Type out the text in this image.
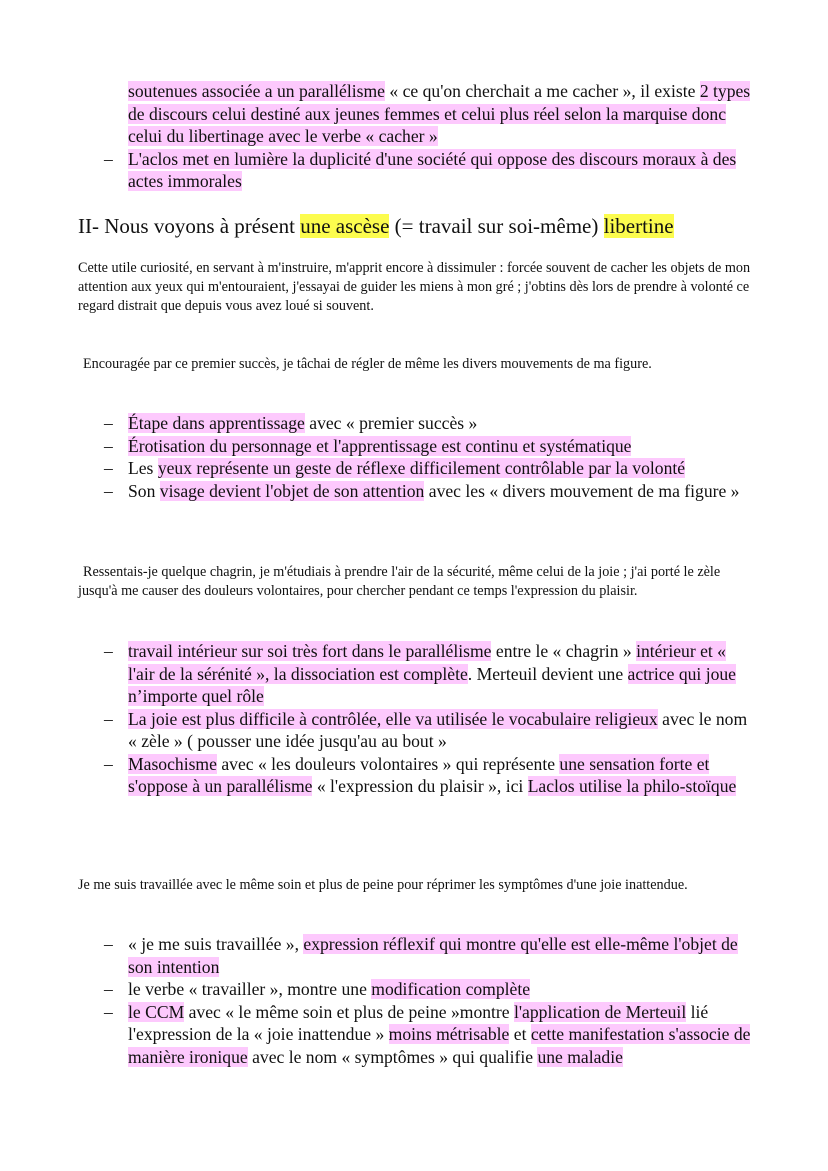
soutenues associée a un parallélisme « ce qu'on cherchait a me cacher », il existe 2 types de discours celui destiné aux jeunes femmes et celui plus réel selon la marquise donc celui du libertinage avec le verbe « cacher »
– L'aclos met en lumière la duplicité d'une société qui oppose des discours moraux à des actes immorales
II- Nous voyons à présent une ascèse (= travail sur soi-même) libertine

Cette utile curiosité, en servant à m'instruire, m'apprit encore à dissimuler : forcée souvent de cacher les objets de mon attention aux yeux qui m'entouraient, j'essayai de guider les miens à mon gré ; j'obtins dès lors de prendre à volonté ce regard distrait que depuis vous avez loué si souvent.

Encouragée par ce premier succès, je tâchai de régler de même les divers mouvements de ma figure.

– Étape dans apprentissage avec « premier succès »
– Érotisation du personnage et l'apprentissage est continu et systématique
– Les yeux représente un geste de réflexe difficilement contrôlable par la volonté
– Son visage devient l'objet de son attention avec les « divers mouvement de ma figure »

Ressentais-je quelque chagrin, je m'étudiais à prendre l'air de la sécurité, même celui de la joie ; j'ai porté le zèle jusqu'à me causer des douleurs volontaires, pour chercher pendant ce temps l'expression du plaisir.

– travail intérieur sur soi très fort dans le parallélisme entre le « chagrin » intérieur et « l'air de la sérénité », la dissociation est complète. Merteuil devient une actrice qui joue n’importe quel rôle
– La joie est plus difficile à contrôlée, elle va utilisée le vocabulaire religieux avec le nom « zèle » ( pousser une idée jusqu'au au bout »
– Masochisme avec « les douleurs volontaires » qui représente une sensation forte et s'oppose à un parallélisme « l'expression du plaisir », ici Laclos utilise la philo-stoïque

Je me suis travaillée avec le même soin et plus de peine pour réprimer les symptômes d'une joie inattendue.

– « je me suis travaillée », expression réflexif qui montre qu'elle est elle-même l'objet de son intention
– le verbe « travailler », montre une modification complète
– le CCM avec « le même soin et plus de peine »montre l'application de Merteuil lié l'expression de la « joie inattendue » moins métrisable et cette manifestation s'associe de manière ironique avec le nom « symptômes » qui qualifie une maladie
